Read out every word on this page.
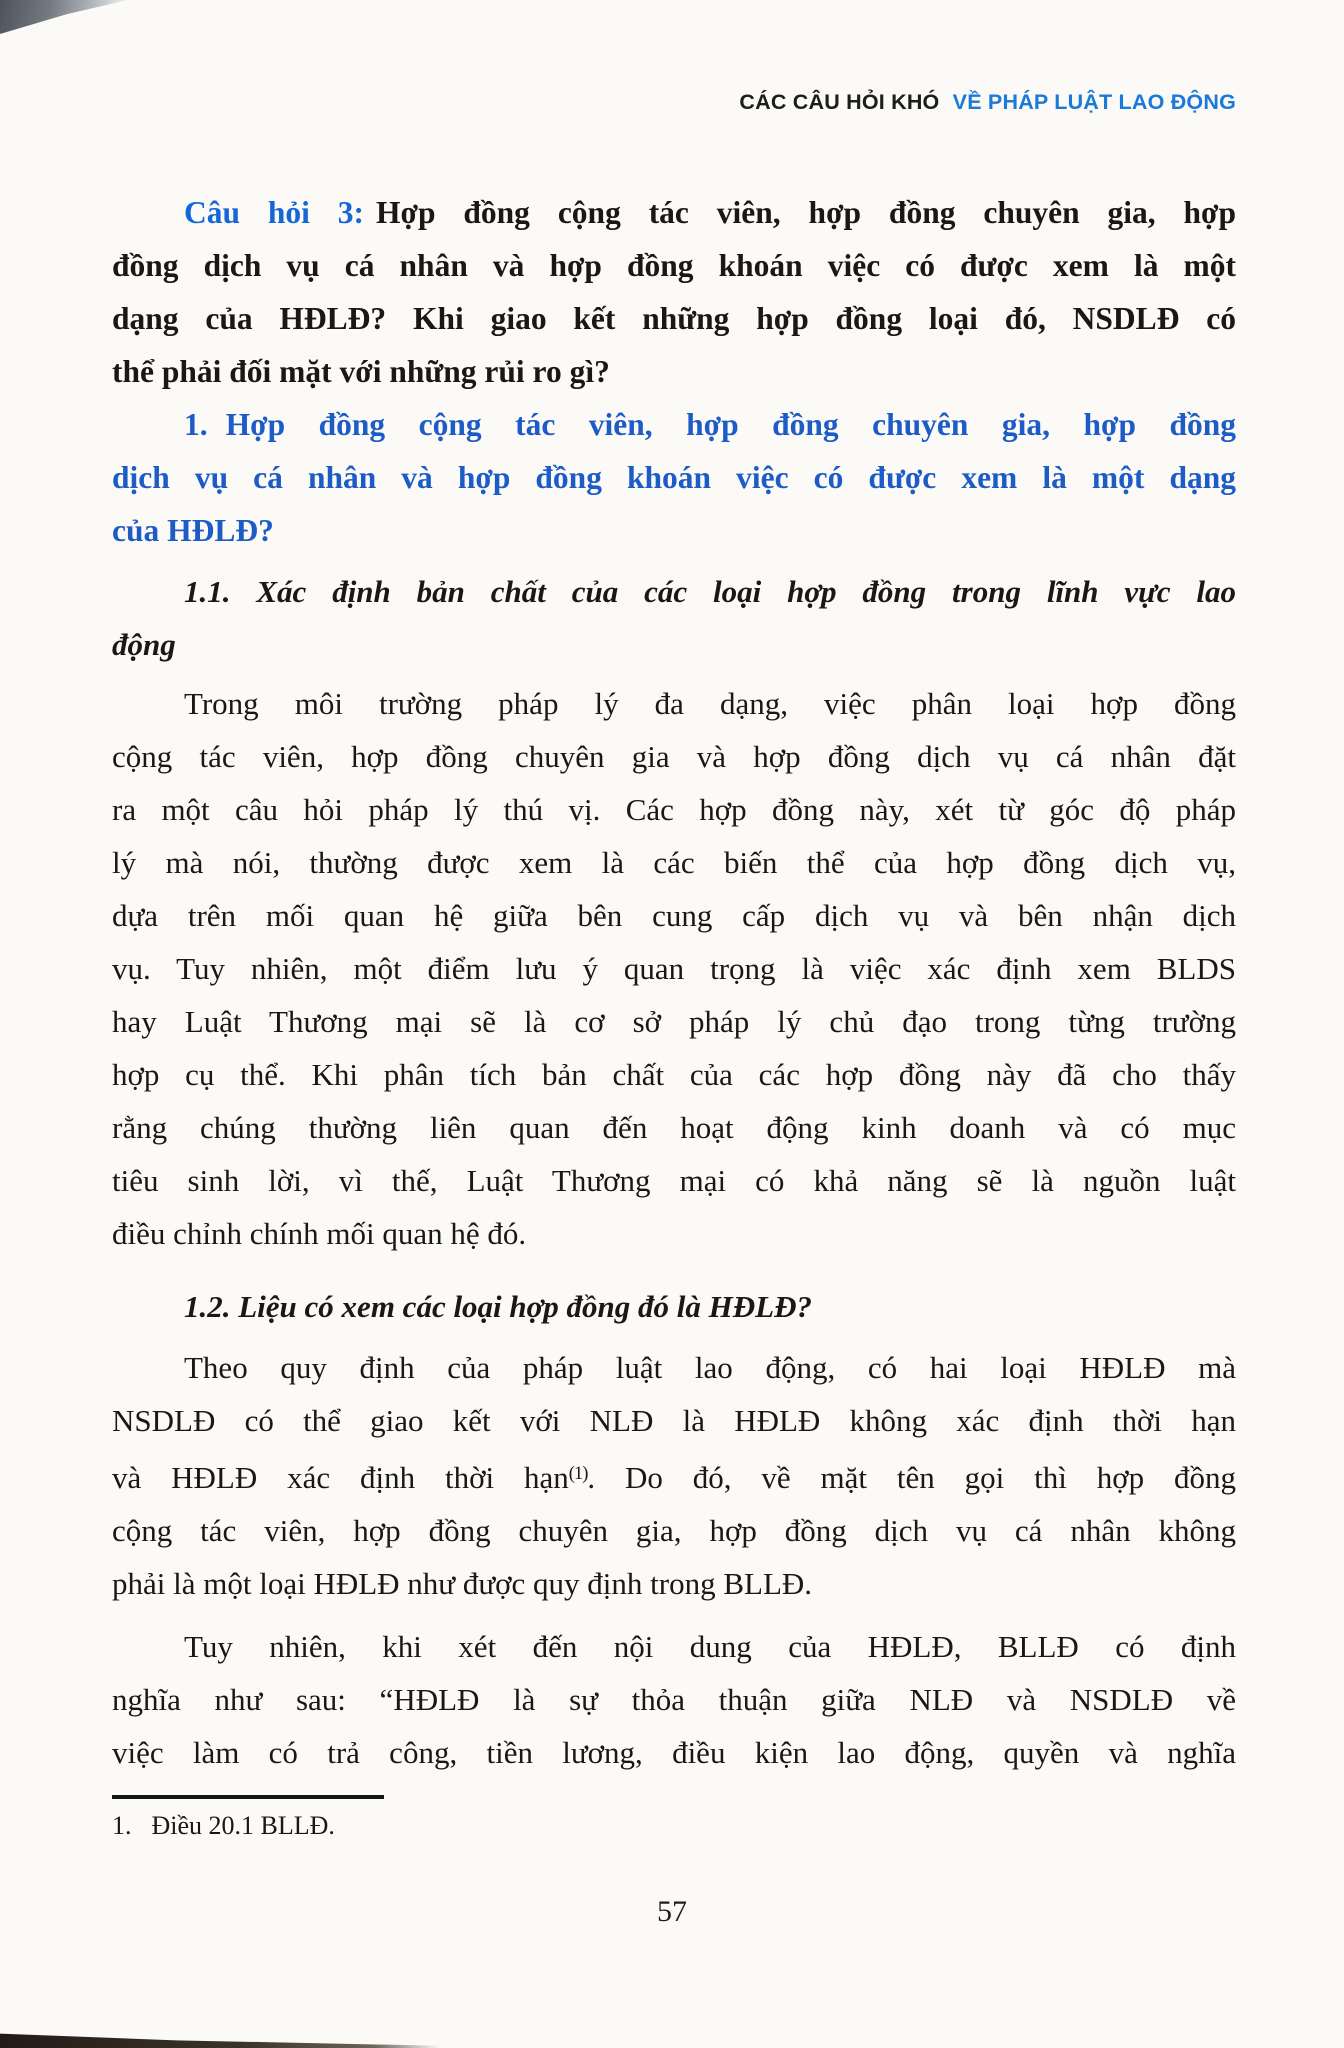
CÁC CÂU HỎI KHÓ VỀ PHÁP LUẬT LAO ĐỘNG
Câu hỏi 3: Hợp đồng cộng tác viên, hợp đồng chuyên gia, hợp
đồng dịch vụ cá nhân và hợp đồng khoán việc có được xem là một
dạng của HĐLĐ? Khi giao kết những hợp đồng loại đó, NSDLĐ có
thể phải đối mặt với những rủi ro gì?
1. Hợp đồng cộng tác viên, hợp đồng chuyên gia, hợp đồng
dịch vụ cá nhân và hợp đồng khoán việc có được xem là một dạng
của HĐLĐ?
1.1. Xác định bản chất của các loại hợp đồng trong lĩnh vực lao
động
Trong môi trường pháp lý đa dạng, việc phân loại hợp đồng
cộng tác viên, hợp đồng chuyên gia và hợp đồng dịch vụ cá nhân đặt
ra một câu hỏi pháp lý thú vị. Các hợp đồng này, xét từ góc độ pháp
lý mà nói, thường được xem là các biến thể của hợp đồng dịch vụ,
dựa trên mối quan hệ giữa bên cung cấp dịch vụ và bên nhận dịch
vụ. Tuy nhiên, một điểm lưu ý quan trọng là việc xác định xem BLDS
hay Luật Thương mại sẽ là cơ sở pháp lý chủ đạo trong từng trường
hợp cụ thể. Khi phân tích bản chất của các hợp đồng này đã cho thấy
rằng chúng thường liên quan đến hoạt động kinh doanh và có mục
tiêu sinh lời, vì thế, Luật Thương mại có khả năng sẽ là nguồn luật
điều chỉnh chính mối quan hệ đó.
1.2. Liệu có xem các loại hợp đồng đó là HĐLĐ?
Theo quy định của pháp luật lao động, có hai loại HĐLĐ mà
NSDLĐ có thể giao kết với NLĐ là HĐLĐ không xác định thời hạn
và HĐLĐ xác định thời hạn$^{(1)}$. Do đó, về mặt tên gọi thì hợp đồng
cộng tác viên, hợp đồng chuyên gia, hợp đồng dịch vụ cá nhân không
phải là một loại HĐLĐ như được quy định trong BLLĐ.
Tuy nhiên, khi xét đến nội dung của HĐLĐ, BLLĐ có định
nghĩa như sau: “HĐLĐ là sự thỏa thuận giữa NLĐ và NSDLĐ về
việc làm có trả công, tiền lương, điều kiện lao động, quyền và nghĩa
1. Điều 20.1 BLLĐ.
57
